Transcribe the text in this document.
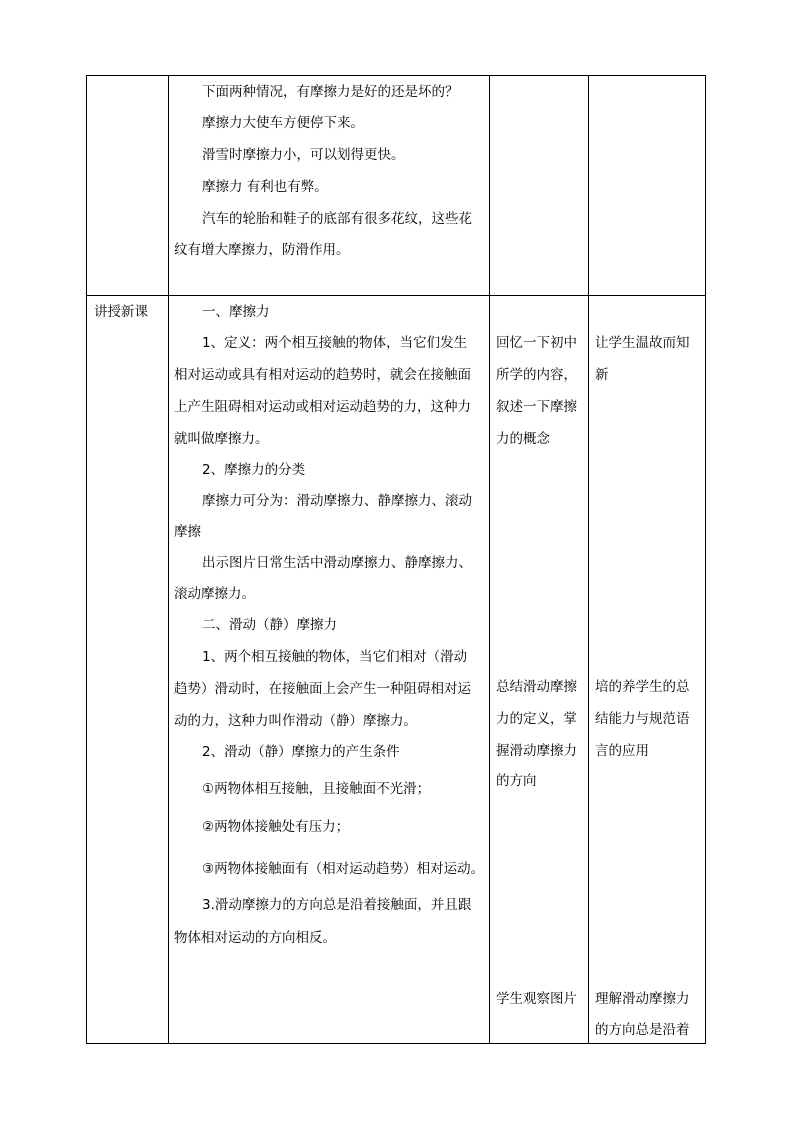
下面两种情况，有摩擦力是好的还是坏的？
摩擦力大使车方便停下来。
滑雪时摩擦力小，可以划得更快。
摩擦力 有利也有弊。
汽车的轮胎和鞋子的底部有很多花纹，这些花
纹有增大摩擦力，防滑作用。
讲授新课	一、摩擦力
1、定义：两个相互接触的物体，当它们发生
相对运动或具有相对运动的趋势时，就会在接触面
上产生阻碍相对运动或相对运动趋势的力，这种力
就叫做摩擦力。
2、摩擦力的分类
摩擦力可分为：滑动摩擦力、静摩擦力、滚动
摩擦
出示图片日常生活中滑动摩擦力、静摩擦力、
滚动摩擦力。
二、滑动（静）摩擦力
1、两个相互接触的物体，当它们相对（滑动
趋势）滑动时，在接触面上会产生一种阻碍相对运
动的力，这种力叫作滑动（静）摩擦力。
2、滑动（静）摩擦力的产生条件
①两物体相互接触，且接触面不光滑；
②两物体接触处有压力；
③两物体接触面有（相对运动趋势）相对运动。
3.滑动摩擦力的方向总是沿着接触面，并且跟
物体相对运动的方向相反。
回忆一下初中
所学的内容，
叙述一下摩擦
力的概念
总结滑动摩擦
力的定义，掌
握滑动摩擦力
的方向
学生观察图片
让学生温故而知
新
培的养学生的总
结能力与规范语
言的应用
理解滑动摩擦力
的方向总是沿着
